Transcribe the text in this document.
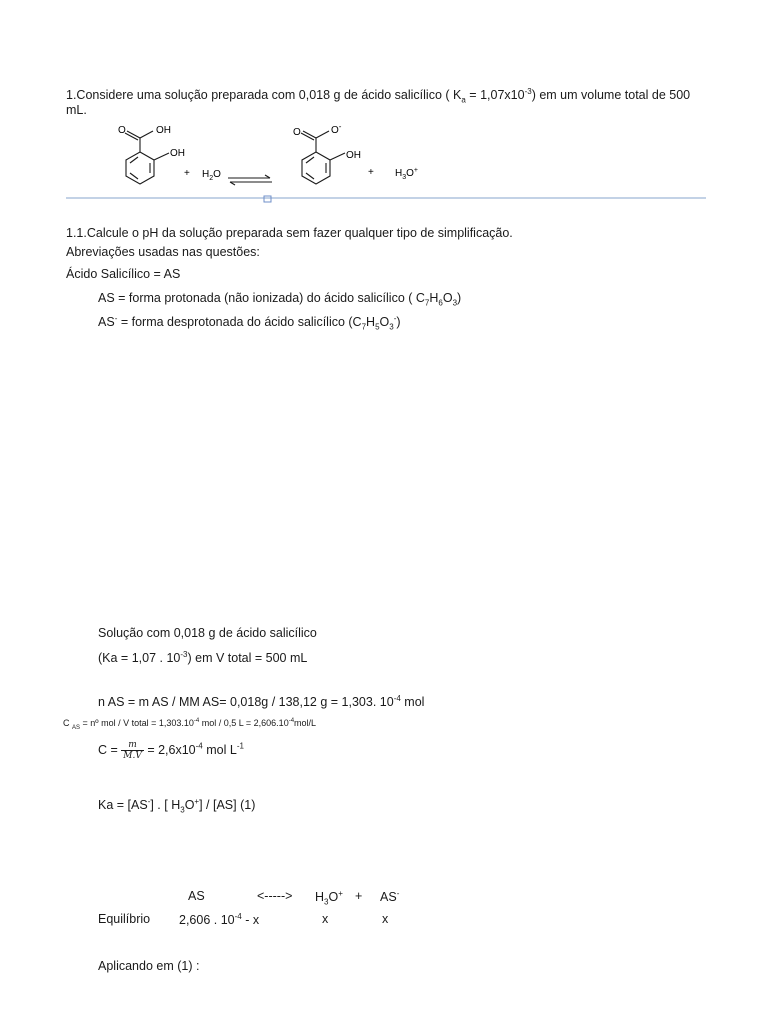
1.Considere uma solução preparada com 0,018 g de ácido salicílico ( $K_a = 1,07x10^{-3}$) em um volume total de 500
mL.
O	OH
OH
+ $H_2O$
O	O-
OH
+ $H_3O^+$
1.1.Calcule o pH da solução preparada sem fazer qualquer tipo de simplificação.
Abreviações usadas nas questões:
Ácido Salicílico = AS
AS = forma protonada (não ionizada) do ácido salicílico ( $C_7H_6O_3$)
AS- = forma desprotonada do ácido salicílico $(C_7H_5O_3^-)$
Solução com 0,018 g de ácido salicílico
(Ka = 1,07 . $10^{-3}$) em V total = 500 mL
n AS = m AS / MM AS= 0,018g / 138,12 g = 1,303. $10^{-4}$ mol
C $_{AS}$ = nº mol / V total = $1,303.10^{-4}$ mol / 0,5 $L = 2,606.10^{-4}mol/L$
$C = \frac{m}{M.V} = 2,6x10^{-4}$ mol $L^{-1}$
Ka = [AS-] . [ $H_3O^+] / [AS]$ (1)
AS	<-----> $H_3O^+ + AS^-$
Equilíbrio 2,606 . $10^{-4}$ - x	x	x
Aplicando em (1) :
